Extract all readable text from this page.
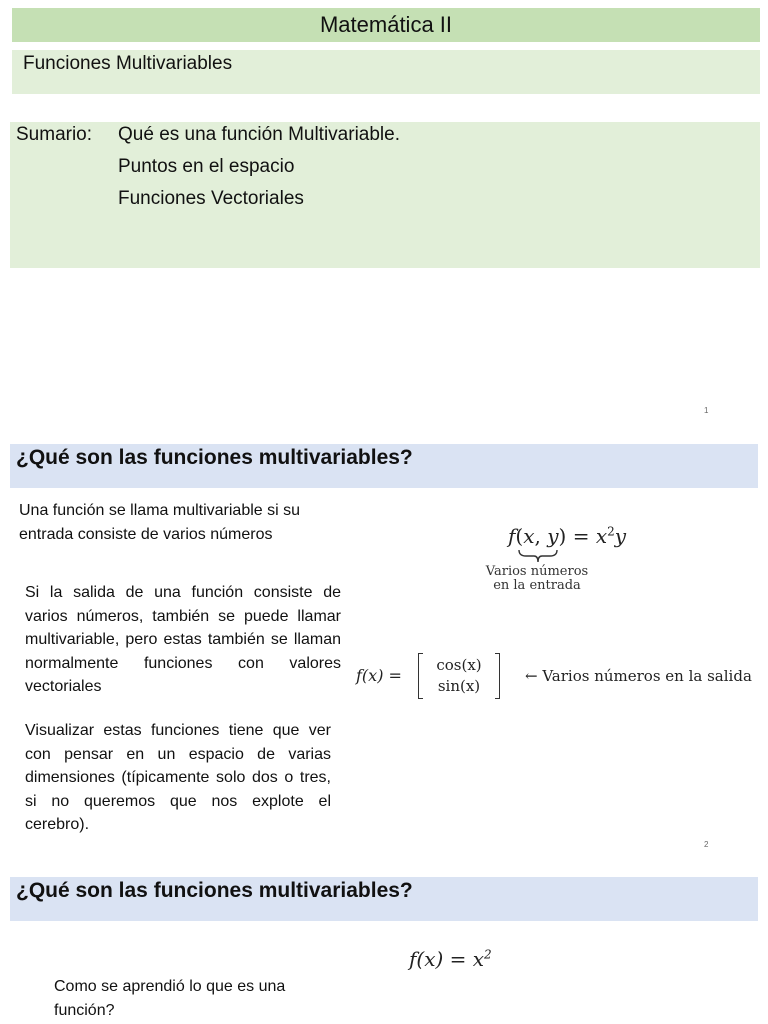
Matemática II
Funciones Multivariables
Sumario: Qué es una función Multivariable.
Puntos en el espacio
Funciones Vectoriales
1
¿Qué son las funciones multivariables?
Una función se llama multivariable si su entrada consiste de varios números
Si la salida de una función consiste de varios números, también se puede llamar multivariable, pero estas también se llaman normalmente funciones con valores vectoriales
Visualizar estas funciones tiene que ver con pensar en un espacio de varias dimensiones (típicamente solo dos o tres, si no queremos que nos explote el cerebro).
f(x, $y) = x^2y$
Varios números
en la entrada
f(x) =
cos(x)
sin(x)
← Varios números en la salida
2
¿Qué son las funciones multivariables?
$f(x) = x^2$
Como se aprendió lo que es una función?
